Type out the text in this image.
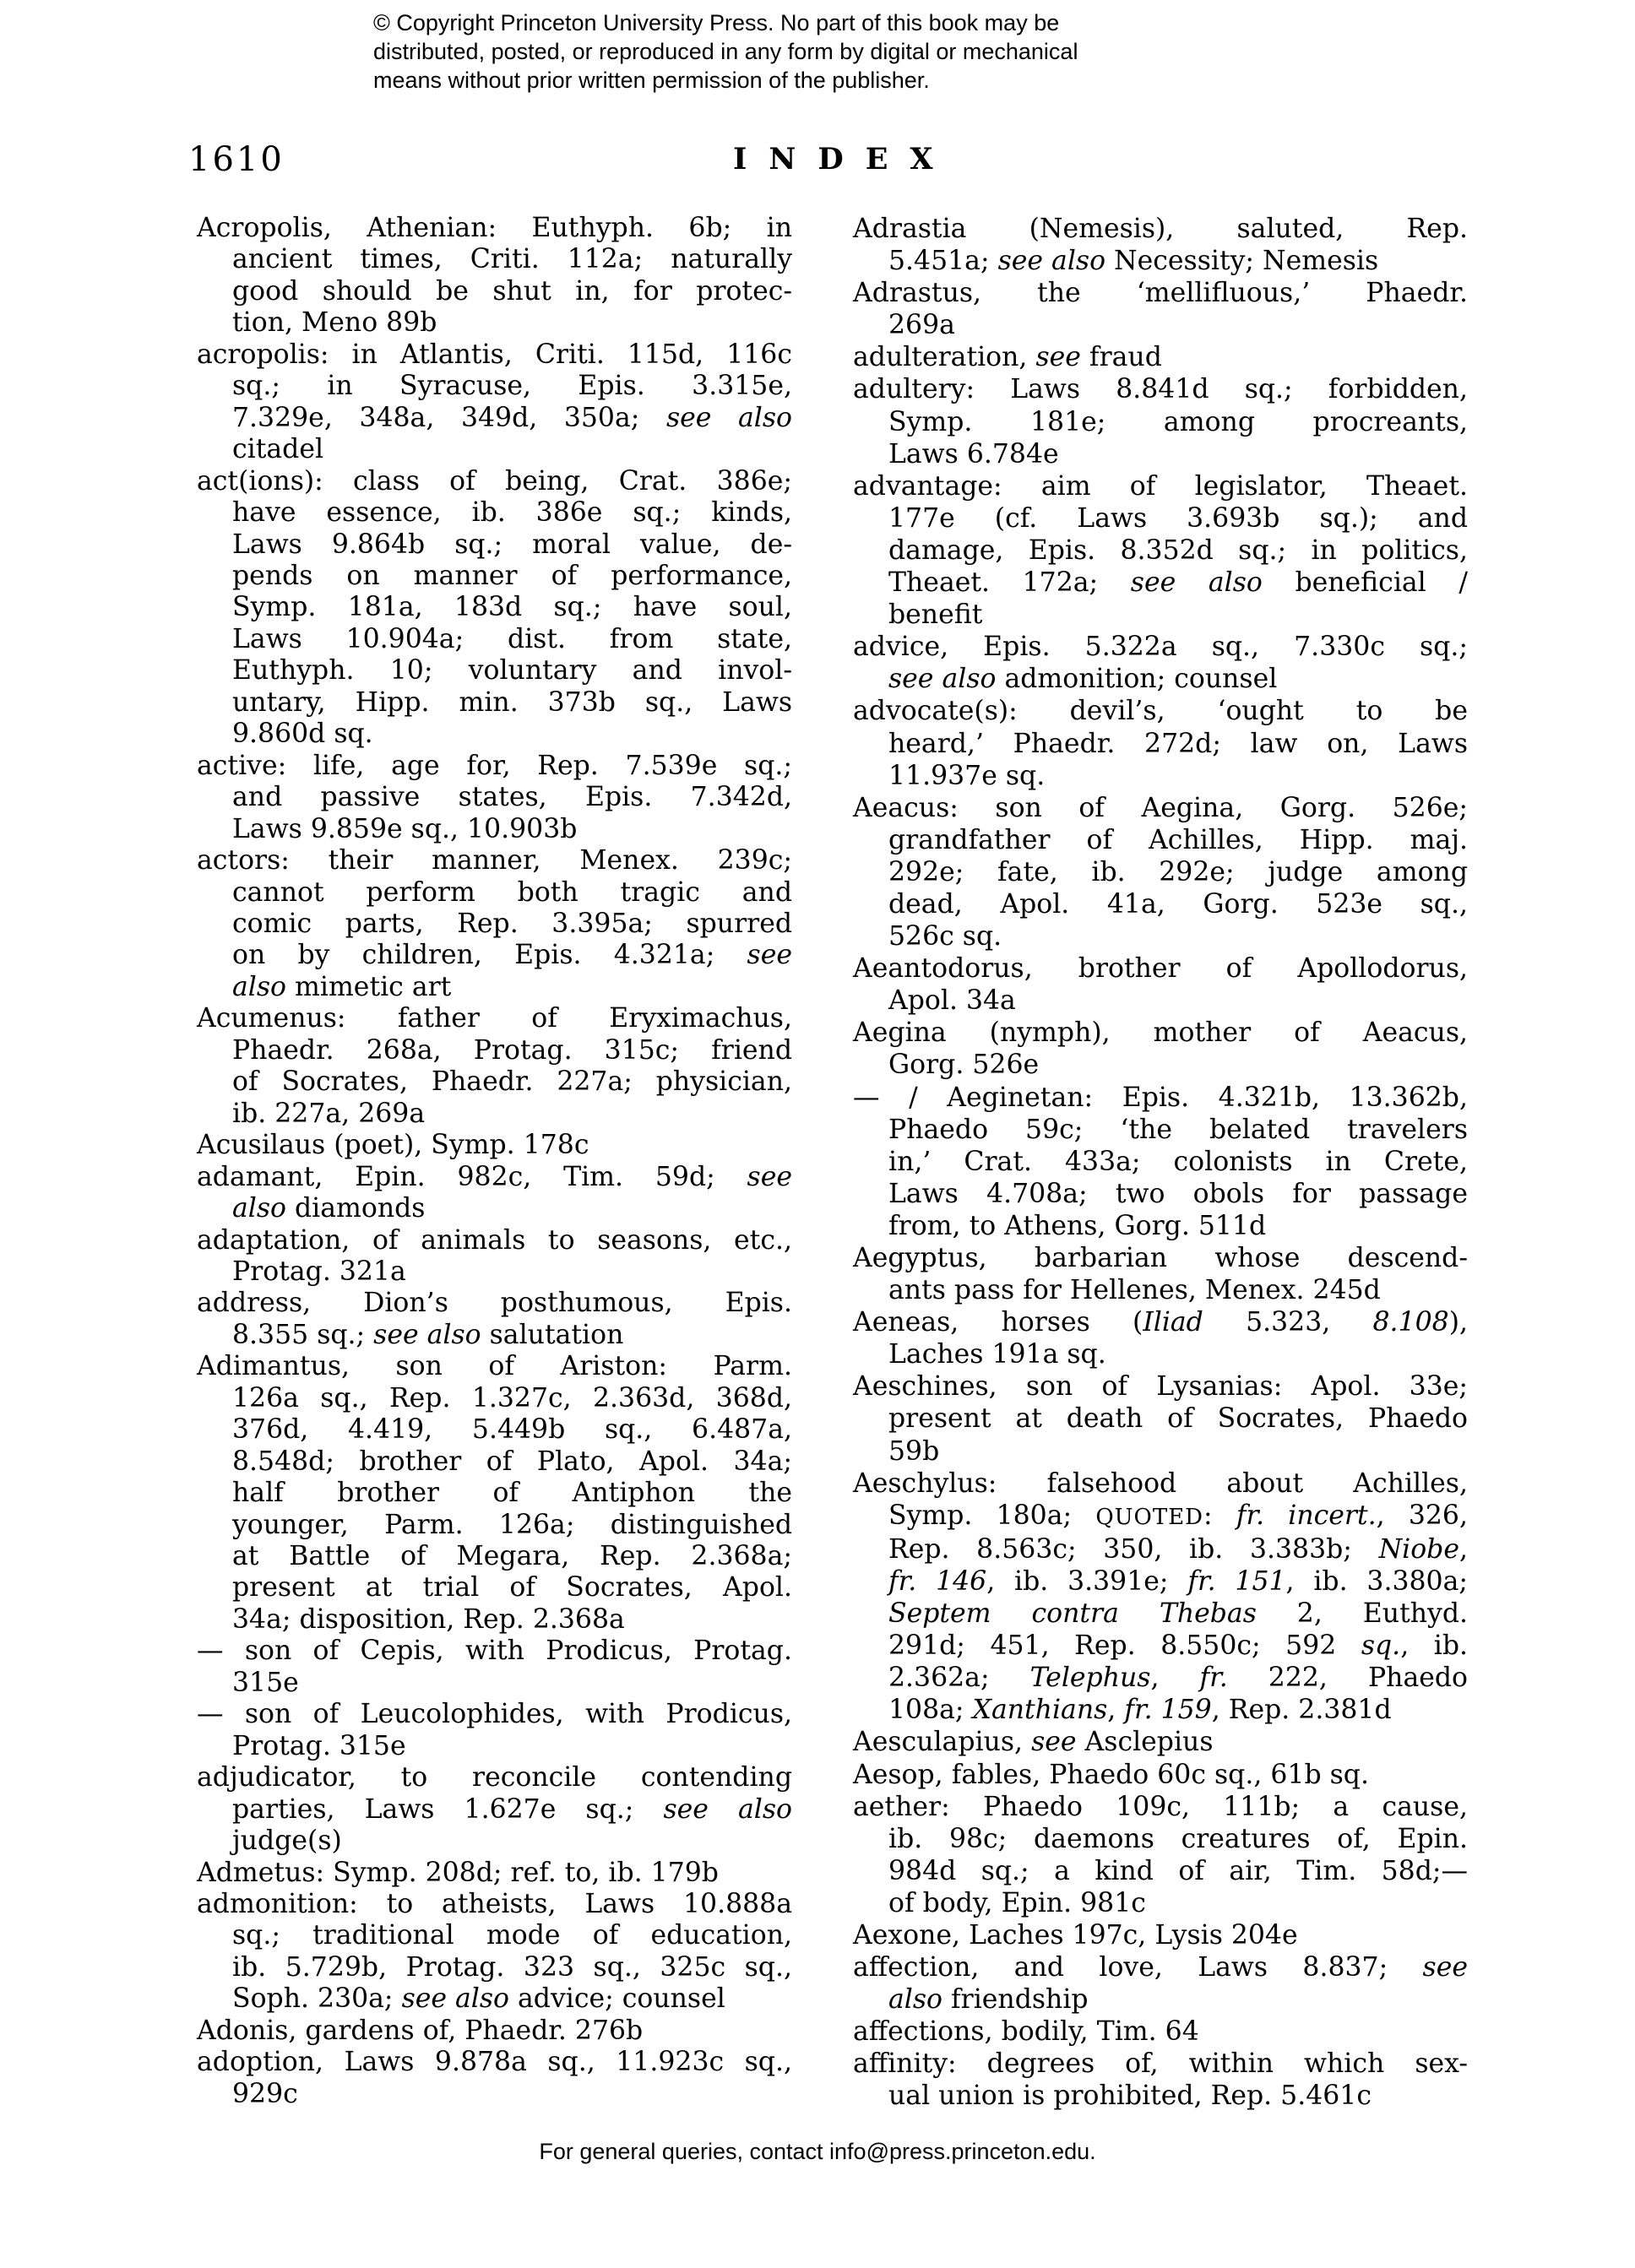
© Copyright Princeton University Press. No part of this book may be
distributed, posted, or reproduced in any form by digital or mechanical
means without prior written permission of the publisher.
1610	INDEX

Acropolis, Athenian: Euthyph. 6b; in
ancient times, Criti. 112a; naturally
good should be shut in, for protec-
tion, Meno 89b

acropolis: in Atlantis, Criti. 115d, 116c
sq.; in Syracuse, Epis. 3.315e,
7.329e, 348a, 349d, 350a; see also
citadel

act(ions): class of being, Crat. 386e;
have essence, ib. 386e sq.; kinds,
Laws 9.864b sq.; moral value, de-
pends on manner of performance,
Symp. 181a, 183d sq.; have soul,
Laws 10.904a; dist. from state,
Euthyph. 10; voluntary and invol-
untary, Hipp. min. 373b sq., Laws
9.860d sq.

active: life, age for, Rep. 7.539e sq.;
and passive states, Epis. 7.342d,
Laws 9.859e sq., 10.903b

actors: their manner, Menex. 239c;
cannot perform both tragic and
comic parts, Rep. 3.395a; spurred
on by children, Epis. 4.321a; see
also mimetic art

Acumenus: father of Eryximachus,
Phaedr. 268a, Protag. 315c; friend
of Socrates, Phaedr. 227a; physician,
ib. 227a, 269a

Acusilaus (poet), Symp. 178c

adamant, Epin. 982c, Tim. 59d; see
also diamonds

adaptation, of animals to seasons, etc.,
Protag. 321a

address, Dion’s posthumous, Epis.
8.355 sq.; see also salutation

Adimantus, son of Ariston: Parm.
126a sq., Rep. 1.327c, 2.363d, 368d,
376d, 4.419, 5.449b sq., 6.487a,
8.548d; brother of Plato, Apol. 34a;
half brother of Antiphon the
younger, Parm. 126a; distinguished
at Battle of Megara, Rep. 2.368a;
present at trial of Socrates, Apol.
34a; disposition, Rep. 2.368a

— son of Cepis, with Prodicus, Protag.
315e

— son of Leucolophides, with Prodicus,
Protag. 315e

adjudicator, to reconcile contending
parties, Laws 1.627e sq.; see also
judge(s)

Admetus: Symp. 208d; ref. to, ib. 179b

admonition: to atheists, Laws 10.888a
sq.; traditional mode of education,
ib. 5.729b, Protag. 323 sq., 325c sq.,
Soph. 230a; see also advice; counsel

Adonis, gardens of, Phaedr. 276b

adoption, Laws 9.878a sq., 11.923c sq.,
929c

Adrastia (Nemesis), saluted, Rep.
5.451a; see also Necessity; Nemesis

Adrastus, the ‘mellifluous,’ Phaedr.
269a

adulteration, see fraud

adultery: Laws 8.841d sq.; forbidden,
Symp. 181e; among procreants,
Laws 6.784e

advantage: aim of legislator, Theaet.
177e (cf. Laws 3.693b sq.); and
damage, Epis. 8.352d sq.; in politics,
Theaet. 172a; see also beneficial /
benefit

advice, Epis. 5.322a sq., 7.330c sq.;
see also admonition; counsel

advocate(s): devil’s, ‘ought to be
heard,’ Phaedr. 272d; law on, Laws
11.937e sq.

Aeacus: son of Aegina, Gorg. 526e;
grandfather of Achilles, Hipp. maj.
292e; fate, ib. 292e; judge among
dead, Apol. 41a, Gorg. 523e sq.,
526c sq.

Aeantodorus, brother of Apollodorus,
Apol. 34a

Aegina (nymph), mother of Aeacus,
Gorg. 526e

— / Aeginetan: Epis. 4.321b, 13.362b,
Phaedo 59c; ‘the belated travelers
in,’ Crat. 433a; colonists in Crete,
Laws 4.708a; two obols for passage
from, to Athens, Gorg. 511d

Aegyptus, barbarian whose descend-
ants pass for Hellenes, Menex. 245d

Aeneas, horses (Iliad 5.323, 8.108),
Laches 191a sq.

Aeschines, son of Lysanias: Apol. 33e;
present at death of Socrates, Phaedo
59b

Aeschylus: falsehood about Achilles,
Symp. 180a; QUOTED: fr. incert., 326,
Rep. 8.563c; 350, ib. 3.383b; Niobe,
fr. 146, ib. 3.391e; fr. 151, ib. 3.380a;
Septem contra Thebas 2, Euthyd.
291d; 451, Rep. 8.550c; 592 sq., ib.
2.362a; Telephus, fr. 222, Phaedo
108a; Xanthians, fr. 159, Rep. 2.381d

Aesculapius, see Asclepius

Aesop, fables, Phaedo 60c sq., 61b sq.

aether: Phaedo 109c, 111b; a cause,
ib. 98c; daemons creatures of, Epin.
984d sq.; a kind of air, Tim. 58d;—
of body, Epin. 981c

Aexone, Laches 197c, Lysis 204e

affection, and love, Laws 8.837; see
also friendship

affections, bodily, Tim. 64

affinity: degrees of, within which sex-
ual union is prohibited, Rep. 5.461c

For general queries, contact info@press.princeton.edu.
